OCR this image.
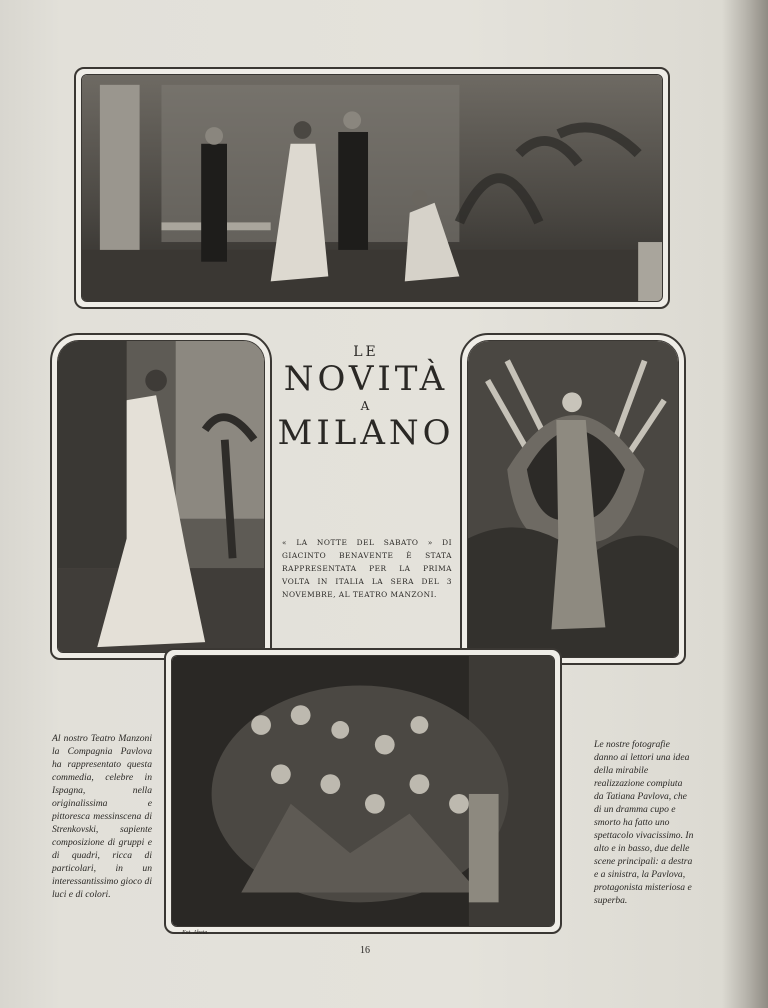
LE
NOVITÀ
A
MILANO
« LA NOTTE DEL SABATO » DI GIACINTO BENAVENTE È STATA RAPPRESENTATA PER LA PRIMA VOLTA IN ITALIA LA SERA DEL 3 NOVEMBRE, AL TEATRO MANZONI.
Al nostro Teatro Manzoni la Compagnia Pavlova ha rappresentato questa commedia, celebre in Ispagna, nella originalissima e pittoresca messinscena di Strenkovski, sapiente composizione di gruppi e di quadri, ricca di particolari, in un interessantissimo gioco di luci e di colori.
Le nostre fotografie danno ai lettori una idea della mirabile realizzazione compiuta da Tatiana Pavlova, che di un dramma cupo e smorto ha fatto uno spettacolo vivacissimo. In alto e in basso, due delle scene principali: a destra e a sinistra, la Pavlova, protagonista misteriosa e superba.
Fot. Abeta.
16
